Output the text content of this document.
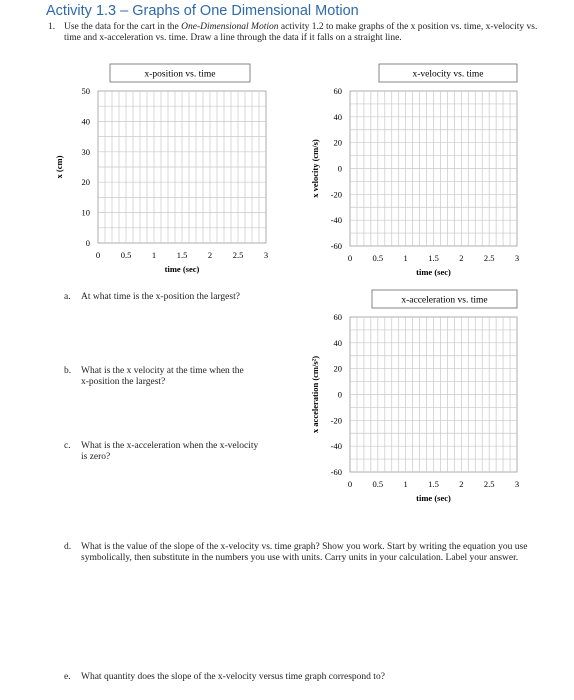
Activity 1.3 – Graphs of One Dimensional Motion
1. Use the data for the cart in the One-Dimensional Motion activity 1.2 to make graphs of the x position vs. time, x-velocity vs. time and x-acceleration vs. time. Draw a line through the data if it falls on a straight line.
a. At what time is the x-position the largest?
b. What is the x velocity at the time when the x-position the largest?
c. What is the x-acceleration when the x-velocity is zero?
d. What is the value of the slope of the x-velocity vs. time graph? Show you work. Start by writing the equation you use symbolically, then substitute in the numbers you use with units. Carry units in your calculation. Label your answer.
e. What quantity does the slope of the x-velocity versus time graph correspond to?
x-position vs. time
0 0.5 1 1.5 2 2.5 3
0
10
20
30
40
50
time (sec)
x (cm)
x-velocity vs. time
0 0.5 1 1.5 2 2.5 3
-60
-40
-20
0
20
40
60
time (sec)
x velocity (cm/s)
x-acceleration vs. time
0 0.5 1 1.5 2 2.5 3
-60
-40
-20
0
20
40
60
time (sec)
x acceleration (cm/s²)
